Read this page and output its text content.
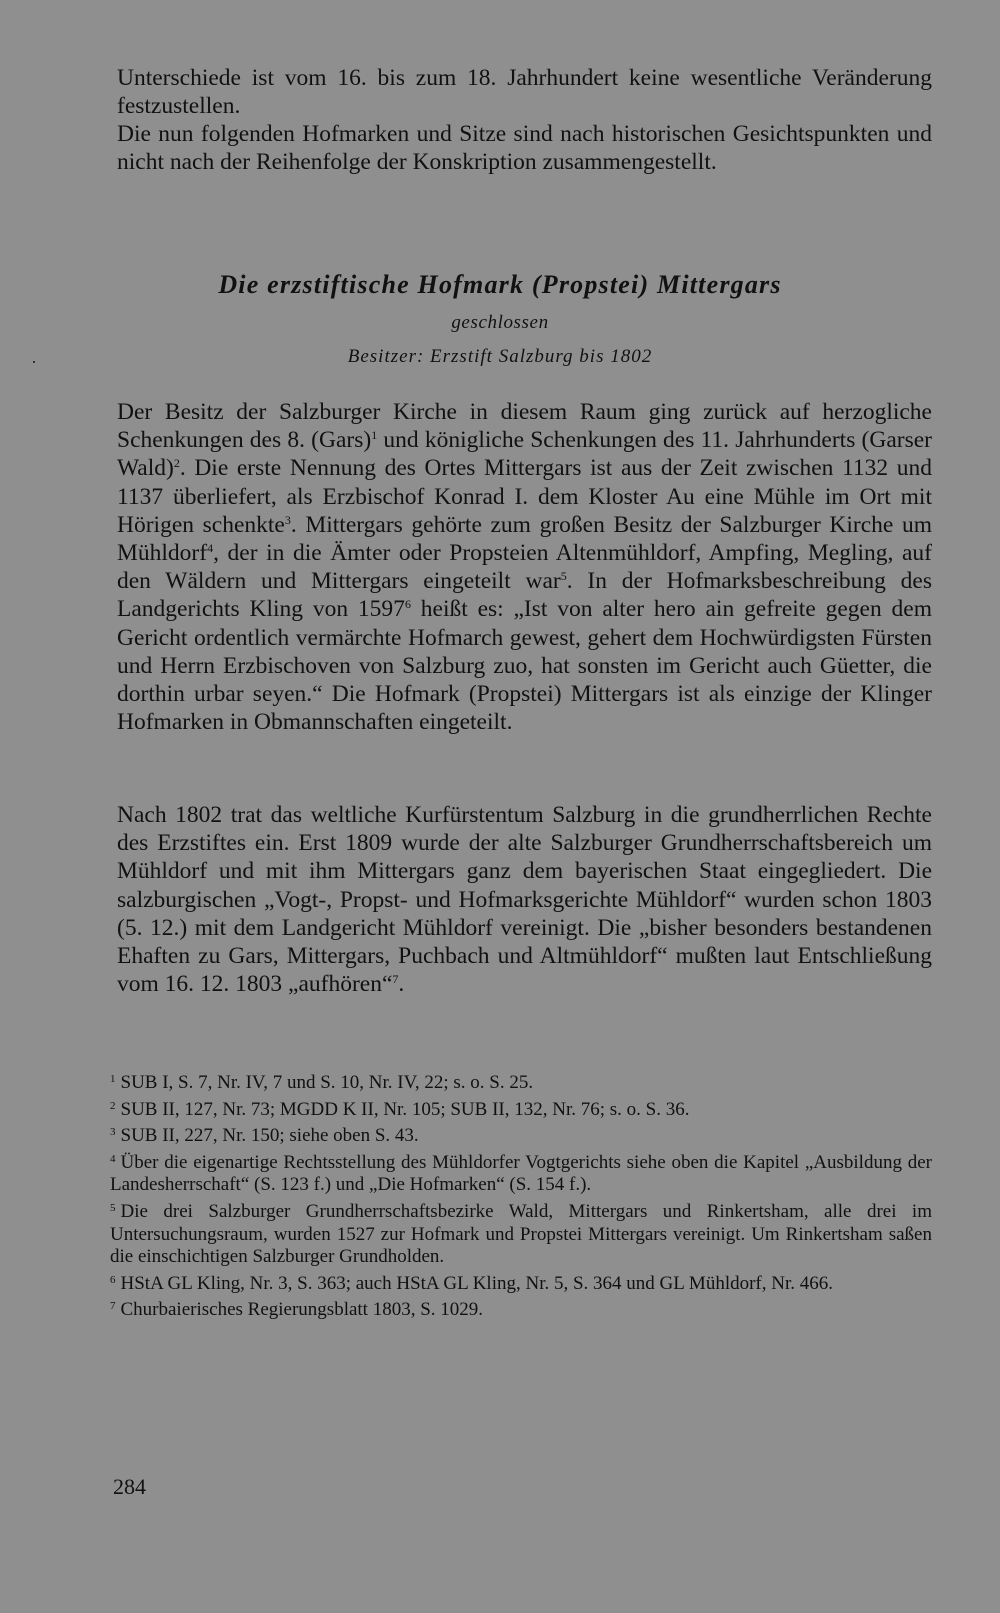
Unterschiede ist vom 16. bis zum 18. Jahrhundert keine wesentliche Veränderung festzustellen.

Die nun folgenden Hofmarken und Sitze sind nach historischen Gesichtspunkten und nicht nach der Reihenfolge der Konskription zusammengestellt.

Die erzstiftische Hofmark (Propstei) Mittergars
geschlossen
Besitzer: Erzstift Salzburg bis 1802

Der Besitz der Salzburger Kirche in diesem Raum ging zurück auf herzogliche Schenkungen des 8. (Gars)$^1$ und königliche Schenkungen des 11. Jahrhunderts (Garser Wald)$^2$. Die erste Nennung des Ortes Mittergars ist aus der Zeit zwischen 1132 und 1137 überliefert, als Erzbischof Konrad I. dem Kloster Au eine Mühle im Ort mit Hörigen schenkte$^3$. Mittergars gehörte zum großen Besitz der Salzburger Kirche um Mühldorf$^4$, der in die Ämter oder Propsteien Altenmühldorf, Ampfing, Megling, auf den Wäldern und Mittergars eingeteilt war$^5$. In der Hofmarksbeschreibung des Landgerichts Kling von 1597$^6$ heißt es: „Ist von alter hero ain gefreite gegen dem Gericht ordentlich vermärchte Hofmarch gewest, gehert dem Hochwürdigsten Fürsten und Herrn Erzbischoven von Salzburg zuo, hat sonsten im Gericht auch Güetter, die dorthin urbar seyen.“ Die Hofmark (Propstei) Mittergars ist als einzige der Klinger Hofmarken in Obmannschaften eingeteilt.

Nach 1802 trat das weltliche Kurfürstentum Salzburg in die grundherrlichen Rechte des Erzstiftes ein. Erst 1809 wurde der alte Salzburger Grundherrschaftsbereich um Mühldorf und mit ihm Mittergars ganz dem bayerischen Staat eingegliedert. Die salzburgischen „Vogt-, Propst- und Hofmarksgerichte Mühldorf“ wurden schon 1803 (5. 12.) mit dem Landgericht Mühldorf vereinigt. Die „bisher besonders bestandenen Ehaften zu Gars, Mittergars, Puchbach und Altmühldorf“ mußten laut Entschließung vom 16. 12. 1803 „aufhören“$^7$.

$^1$ SUB I, S. 7, Nr. IV, 7 und S. 10, Nr. IV, 22; s. o. S. 25.
$^2$ SUB II, 127, Nr. 73; MGDD K II, Nr. 105; SUB II, 132, Nr. 76; s. o. S. 36.
$^3$ SUB II, 227, Nr. 150; siehe oben S. 43.
$^4$ Über die eigenartige Rechtsstellung des Mühldorfer Vogtgerichts siehe oben die Kapitel „Ausbildung der Landesherrschaft“ (S. 123 f.) und „Die Hofmarken“ (S. 154 f.).
$^5$ Die drei Salzburger Grundherrschaftsbezirke Wald, Mittergars und Rinkertsham, alle drei im Untersuchungsraum, wurden 1527 zur Hofmark und Propstei Mittergars vereinigt. Um Rinkertsham saßen die einschichtigen Salzburger Grundholden.
$^6$ HStA GL Kling, Nr. 3, S. 363; auch HStA GL Kling, Nr. 5, S. 364 und GL Mühldorf, Nr. 466.
$^7$ Churbaierisches Regierungsblatt 1803, S. 1029.
284
